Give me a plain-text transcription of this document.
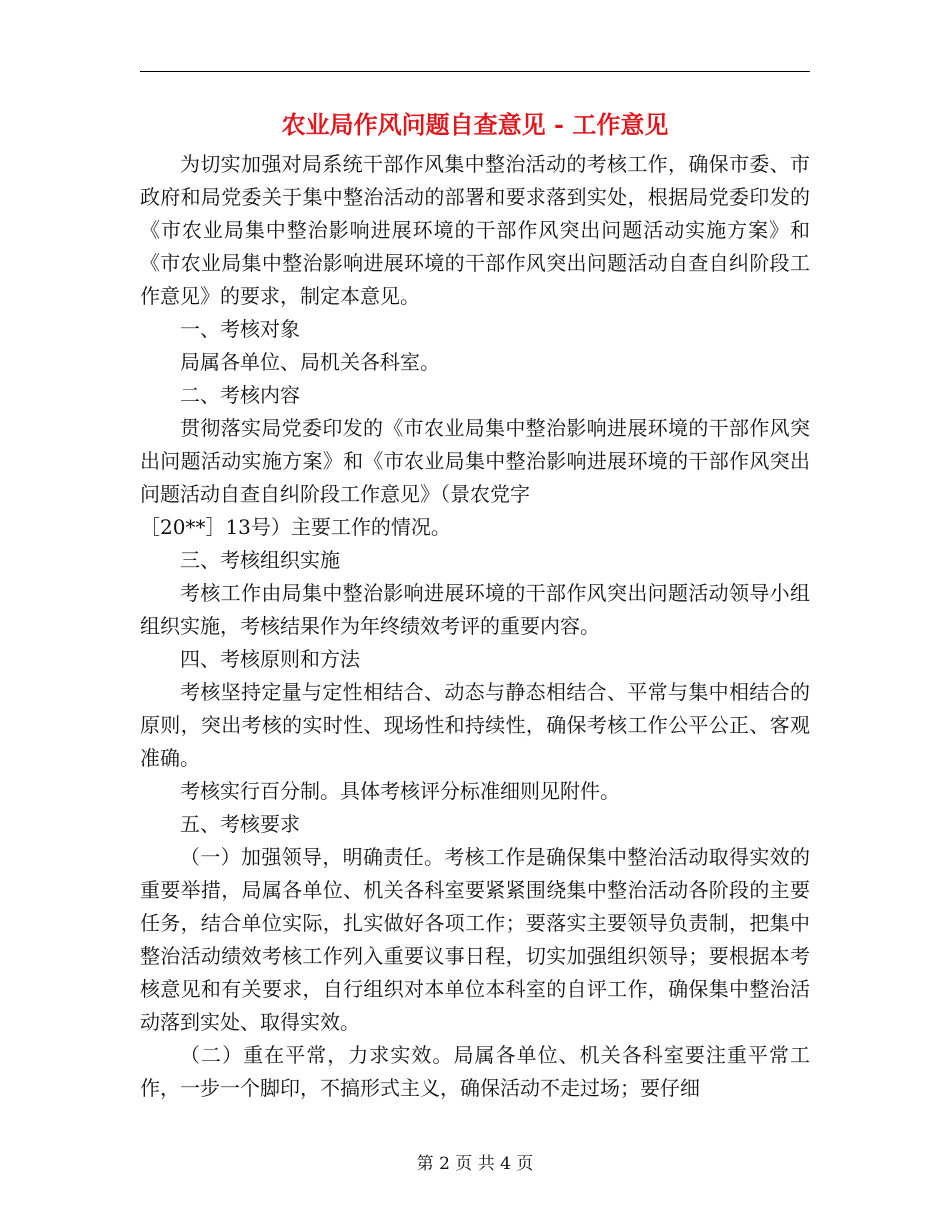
农业局作风问题自查意见 - 工作意见

为切实加强对局系统干部作风集中整治活动的考核工作，确保市委、市政府和局党委关于集中整治活动的部署和要求落到实处，根据局党委印发的《市农业局集中整治影响进展环境的干部作风突出问题活动实施方案》和《市农业局集中整治影响进展环境的干部作风突出问题活动自查自纠阶段工作意见》的要求，制定本意见。

一、考核对象

局属各单位、局机关各科室。

二、考核内容

贯彻落实局党委印发的《市农业局集中整治影响进展环境的干部作风突出问题活动实施方案》和《市农业局集中整治影响进展环境的干部作风突出问题活动自查自纠阶段工作意见》（景农党字

［20**］13号）主要工作的情况。

三、考核组织实施

考核工作由局集中整治影响进展环境的干部作风突出问题活动领导小组组织实施，考核结果作为年终绩效考评的重要内容。

四、考核原则和方法

考核坚持定量与定性相结合、动态与静态相结合、平常与集中相结合的原则，突出考核的实时性、现场性和持续性，确保考核工作公平公正、客观准确。

考核实行百分制。具体考核评分标准细则见附件。

五、考核要求

（一）加强领导，明确责任。考核工作是确保集中整治活动取得实效的重要举措，局属各单位、机关各科室要紧紧围绕集中整治活动各阶段的主要任务，结合单位实际，扎实做好各项工作；要落实主要领导负责制，把集中整治活动绩效考核工作列入重要议事日程，切实加强组织领导；要根据本考核意见和有关要求，自行组织对本单位本科室的自评工作，确保集中整治活动落到实处、取得实效。

（二）重在平常，力求实效。局属各单位、机关各科室要注重平常工作，一步一个脚印，不搞形式主义，确保活动不走过场；要仔细

第 2 页 共 4 页
